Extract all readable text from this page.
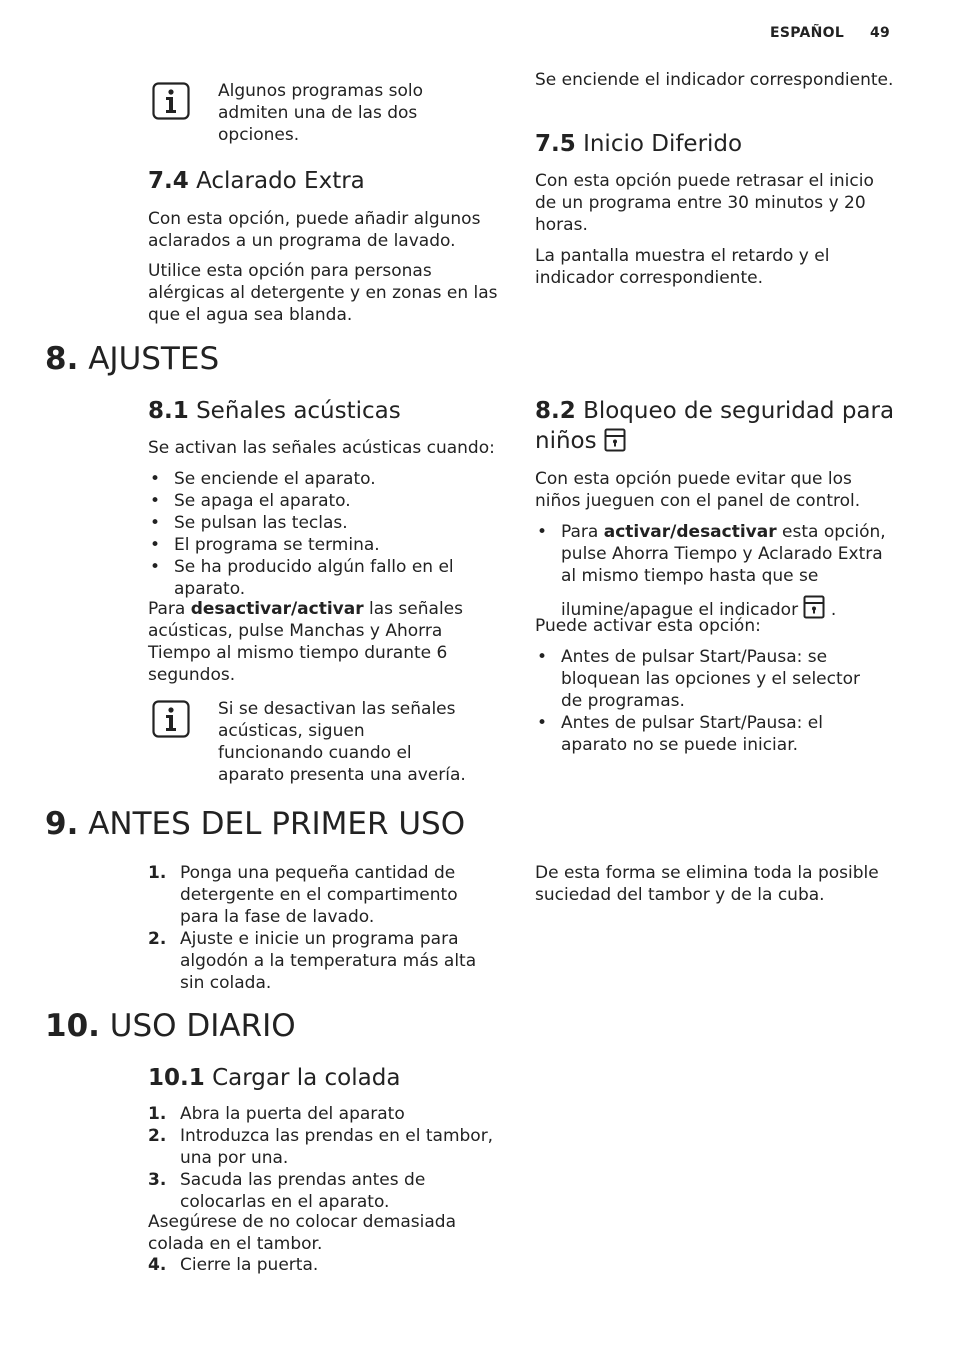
ESPAÑOL 49

Algunos programas solo admiten una de las dos opciones.

7.4 Aclarado Extra

Con esta opción, puede añadir algunos aclarados a un programa de lavado.

Utilice esta opción para personas alérgicas al detergente y en zonas en las que el agua sea blanda.

Se enciende el indicador correspondiente.

7.5 Inicio Diferido

Con esta opción puede retrasar el inicio de un programa entre 30 minutos y 20 horas.

La pantalla muestra el retardo y el indicador correspondiente.

8. AJUSTES
8.1 Señales acústicas

Se activan las señales acústicas cuando:

• Se enciende el aparato.
• Se apaga el aparato.
• Se pulsan las teclas.
• El programa se termina.
• Se ha producido algún fallo en el aparato.

Para desactivar/activar las señales acústicas, pulse Manchas y Ahorra Tiempo al mismo tiempo durante 6 segundos.

Si se desactivan las señales acústicas, siguen funcionando cuando el aparato presenta una avería.

8.2 Bloqueo de seguridad para niños

Con esta opción puede evitar que los niños jueguen con el panel de control.

• Para activar/desactivar esta opción, pulse Ahorra Tiempo y Aclarado Extra al mismo tiempo hasta que se
ilumine/apague el indicador .

Puede activar esta opción:

• Antes de pulsar Start/Pausa: se bloquean las opciones y el selector de programas.
• Antes de pulsar Start/Pausa: el aparato no se puede iniciar.
9. ANTES DEL PRIMER USO
1. Ponga una pequeña cantidad de detergente en el compartimento para la fase de lavado.
2. Ajuste e inicie un programa para algodón a la temperatura más alta sin colada.

De esta forma se elimina toda la posible suciedad del tambor y de la cuba.

10. USO DIARIO
10.1 Cargar la colada
1. Abra la puerta del aparato
2. Introduzca las prendas en el tambor, una por una.
3. Sacuda las prendas antes de colocarlas en el aparato.

Asegúrese de no colocar demasiada colada en el tambor.

4. Cierre la puerta.
